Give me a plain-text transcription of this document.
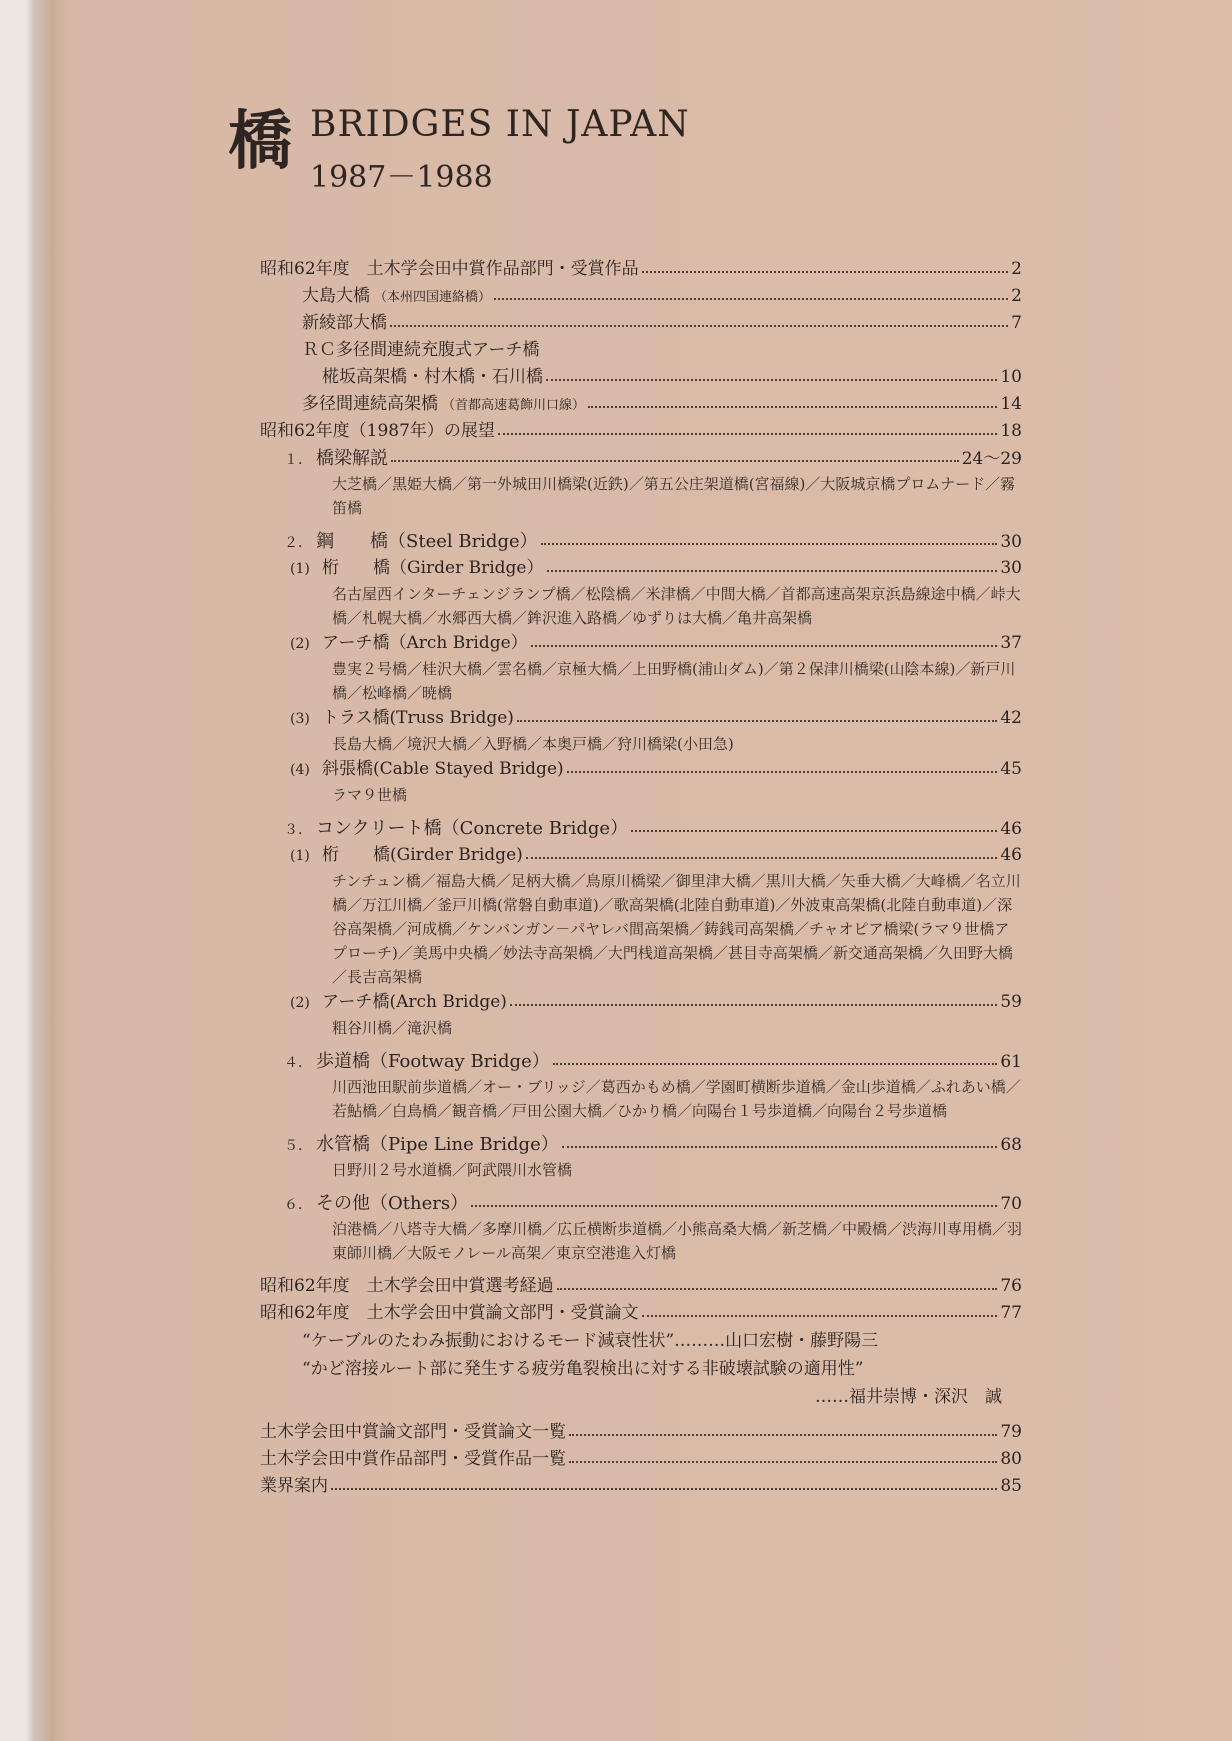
橋 BRIDGES IN JAPAN
1987－1988
昭和62年度　土木学会田中賞作品部門・受賞作品	2
大島大橋 （本州四国連絡橋）	2
新綾部大橋	7
ＲＣ多径間連続充腹式アーチ橋
椛坂高架橋・村木橋・石川橋	10
多径間連続高架橋 （首都高速葛飾川口線）	14
昭和62年度（1987年）の展望	18
１． 橋梁解説	24～29
大芝橋／黒姫大橋／第一外城田川橋梁(近鉄)／第五公庄架道橋(宮福線)／大阪城京橋プロムナード／霧笛橋
２． 鋼　　橋（Steel Bridge）	30
(1) 桁　　橋（Girder Bridge）	30
名古屋西インターチェンジランプ橋／松陰橋／米津橋／中間大橋／首都高速高架京浜島線途中橋／峠大橋／札幌大橋／水郷西大橋／鉾沢進入路橋／ゆずりは大橋／亀井高架橋
(2) アーチ橋（Arch Bridge）	37
豊実２号橋／桂沢大橋／雲名橋／京極大橋／上田野橋(浦山ダム)／第２保津川橋梁(山陰本線)／新戸川橋／松峰橋／暁橋
(3) トラス橋(Truss Bridge)	42
長島大橋／境沢大橋／入野橋／本奥戸橋／狩川橋梁(小田急)
(4) 斜張橋(Cable Stayed Bridge)	45
ラマ９世橋
３． コンクリート橋（Concrete Bridge）	46
(1) 桁　　橋(Girder Bridge)	46
チンチュン橋／福島大橋／足柄大橋／鳥原川橋梁／御里津大橋／黒川大橋／矢垂大橋／大峰橋／名立川橋／万江川橋／釜戸川橋(常磐自動車道)／歌高架橋(北陸自動車道)／外波東高架橋(北陸自動車道)／深谷高架橋／河成橋／ケンバンガン－パヤレバ間高架橋／鋳銭司高架橋／チャオピア橋梁(ラマ９世橋アプローチ)／美馬中央橋／妙法寺高架橋／大門桟道高架橋／甚目寺高架橋／新交通高架橋／久田野大橋／長吉高架橋
(2) アーチ橋(Arch Bridge)	59
粗谷川橋／滝沢橋
４． 歩道橋（Footway Bridge）	61
川西池田駅前歩道橋／オー・ブリッジ／葛西かもめ橋／学園町横断歩道橋／金山歩道橋／ふれあい橋／若鮎橋／白鳥橋／観音橋／戸田公園大橋／ひかり橋／向陽台１号歩道橋／向陽台２号歩道橋
５． 水管橋（Pipe Line Bridge）	68
日野川２号水道橋／阿武隈川水管橋
６． その他（Others）	70
泊港橋／八塔寺大橋／多摩川橋／広丘横断歩道橋／小熊高桑大橋／新芝橋／中殿橋／渋海川専用橋／羽東師川橋／大阪モノレール高架／東京空港進入灯橋
昭和62年度　土木学会田中賞選考経過	76
昭和62年度　土木学会田中賞論文部門・受賞論文	77
“ケーブルのたわみ振動におけるモード減衰性状”………山口宏樹・藤野陽三
“かど溶接ルート部に発生する疲労亀裂検出に対する非破壊試験の適用性”
……福井崇博・深沢　誠
土木学会田中賞論文部門・受賞論文一覧	79
土木学会田中賞作品部門・受賞作品一覧	80
業界案内	85
